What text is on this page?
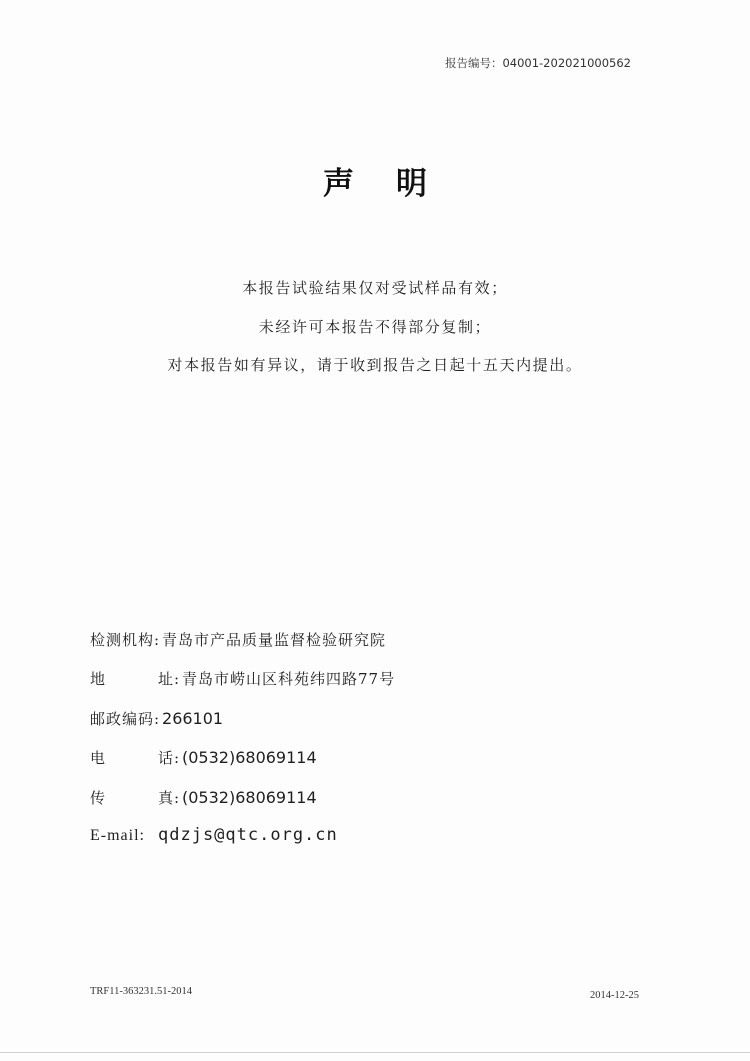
报告编号：04001-202021000562
声明
本报告试验结果仅对受试样品有效；
未经许可本报告不得部分复制；
对本报告如有异议，请于收到报告之日起十五天内提出。
检测机构 : 青岛市产品质量监督检验研究院
地	址 : 青岛市崂山区科苑纬四路77号
邮政编码 : 266101
电	话 : (0532)68069114
传	真 : (0532)68069114
E-mail: qdzjs@qtc.org.cn
TRF11-363231.51-2014	2014-12-25
